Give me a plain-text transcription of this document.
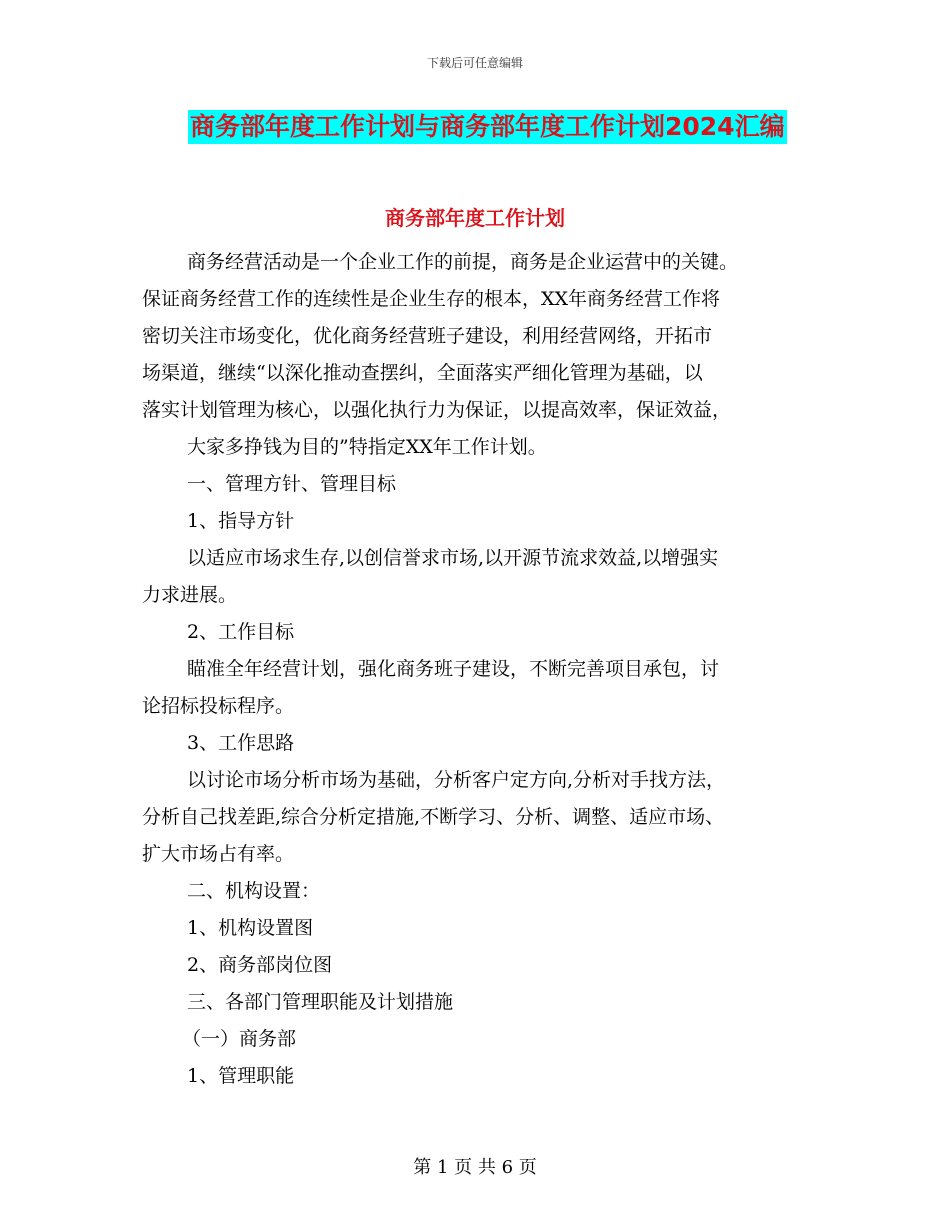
下载后可任意编辑
商务部年度工作计划与商务部年度工作计划2024汇编
商务部年度工作计划
商务经营活动是一个企业工作的前提，商务是企业运营中的关键。
保证商务经营工作的连续性是企业生存的根本，XX年商务经营工作将
密切关注市场变化，优化商务经营班子建设，利用经营网络，开拓市
场渠道，继续“以深化推动查摆纠，全面落实严细化管理为基础，以
落实计划管理为核心，以强化执行力为保证，以提高效率，保证效益，
大家多挣钱为目的”特指定XX年工作计划。
一、管理方针、管理目标
1、指导方针
以适应市场求生存,以创信誉求市场,以开源节流求效益,以增强实
力求进展。
2、工作目标
瞄准全年经营计划，强化商务班子建设，不断完善项目承包，讨
论招标投标程序。
3、工作思路
以讨论市场分析市场为基础，分析客户定方向,分析对手找方法，
分析自己找差距,综合分析定措施,不断学习、分析、调整、适应市场、
扩大市场占有率。
二、机构设置：
1、机构设置图
2、商务部岗位图
三、各部门管理职能及计划措施
（一）商务部
1、管理职能
第 1 页 共 6 页
